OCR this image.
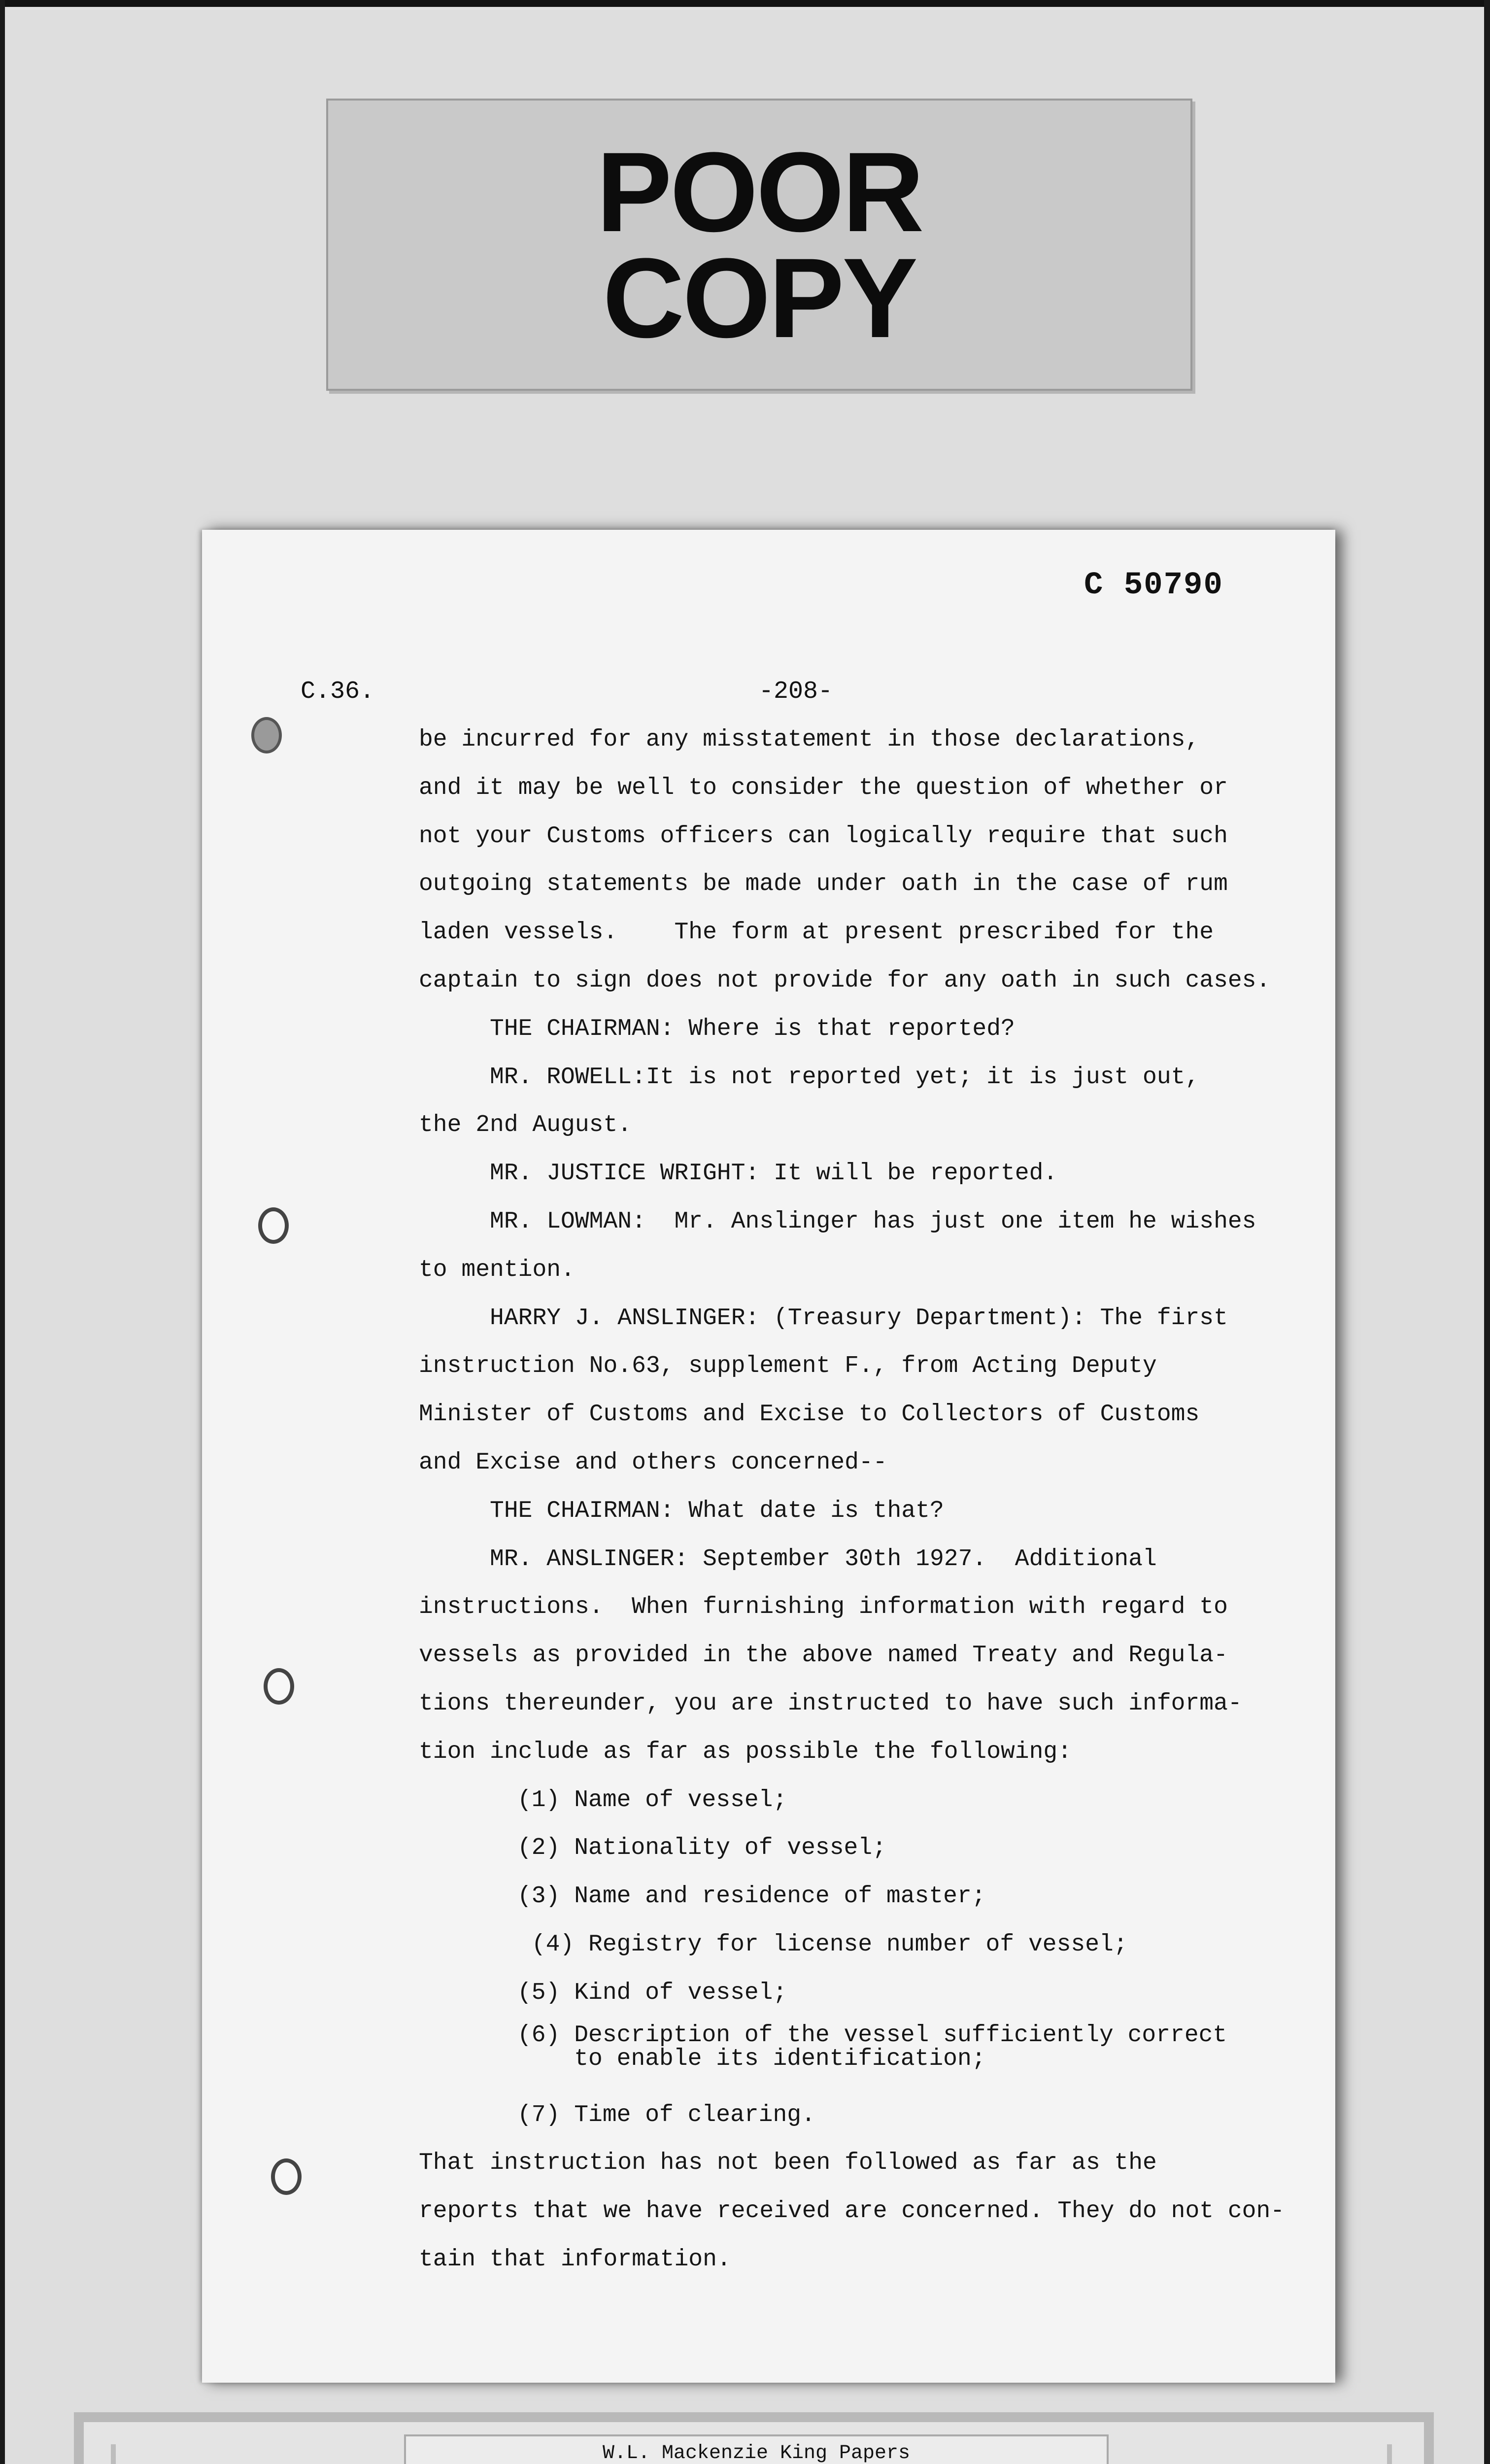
POOR
COPY
C 50790
C.36.	-208-
be incurred for any misstatement in those declarations,
and it may be well to consider the question of whether or
not your Customs officers can logically require that such
outgoing statements be made under oath in the case of rum
laden vessels.    The form at present prescribed for the
captain to sign does not provide for any oath in such cases.
THE CHAIRMAN: Where is that reported?
MR. ROWELL:It is not reported yet; it is just out,
the 2nd August.
MR. JUSTICE WRIGHT: It will be reported.
MR. LOWMAN:  Mr. Anslinger has just one item he wishes
to mention.
HARRY J. ANSLINGER: (Treasury Department): The first
instruction No.63, supplement F., from Acting Deputy
Minister of Customs and Excise to Collectors of Customs
and Excise and others concerned--
THE CHAIRMAN: What date is that?
MR. ANSLINGER: September 30th 1927.  Additional
instructions.  When furnishing information with regard to
vessels as provided in the above named Treaty and Regula-
tions thereunder, you are instructed to have such informa-
tion include as far as possible the following:
(1) Name of vessel;
(2) Nationality of vessel;
(3) Name and residence of master;
(4) Registry for license number of vessel;
(5) Kind of vessel;
(6) Description of the vessel sufficiently correct
to enable its identification;
(7) Time of clearing.
That instruction has not been followed as far as the
reports that we have received are concerned. They do not con-
tain that information.
W.L. Mackenzie King Papers
